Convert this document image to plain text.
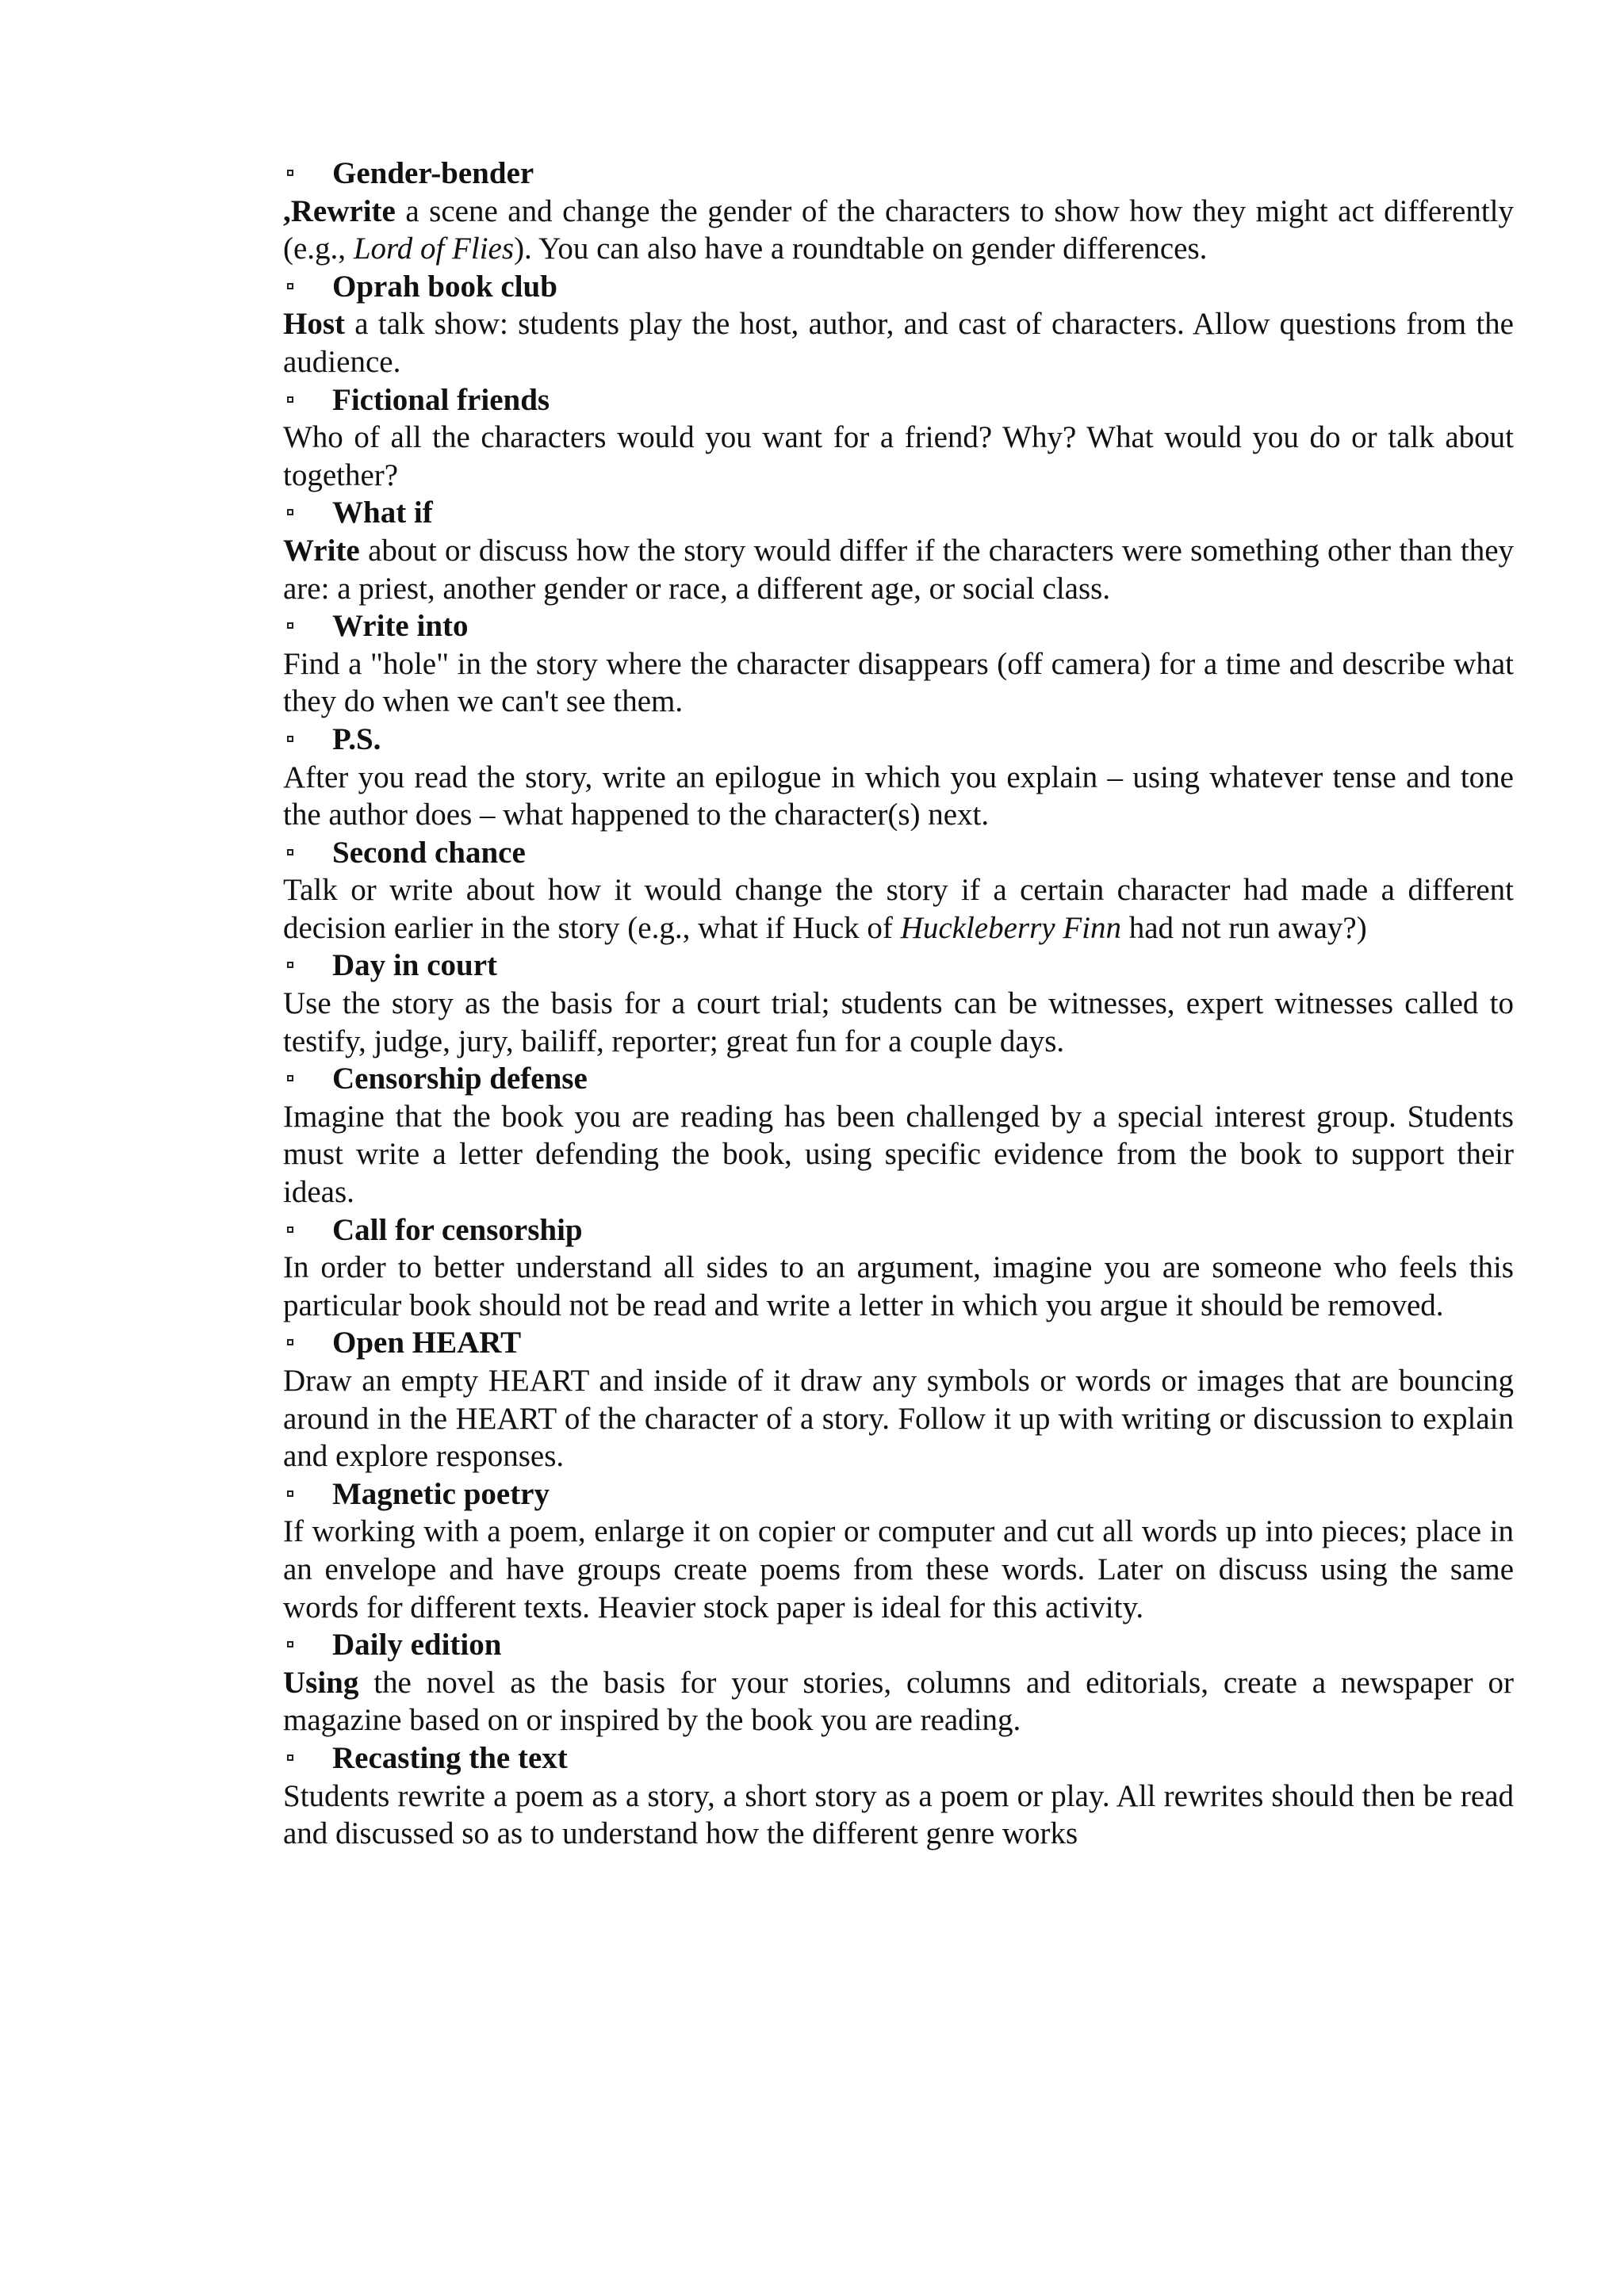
Gender-bender
,Rewrite a scene and change the gender of the characters to show how they might act differently (e.g., Lord of Flies). You can also have a roundtable on gender differences.
Oprah book club
Host a talk show: students play the host, author, and cast of characters. Allow questions from the audience.
Fictional friends
Who of all the characters would you want for a friend? Why? What would you do or talk about together?
What if
Write about or discuss how the story would differ if the characters were something other than they are: a priest, another gender or race, a different age, or social class.
Write into
Find a "hole" in the story where the character disappears (off camera) for a time and describe what they do when we can't see them.
P.S.
After you read the story, write an epilogue in which you explain – using whatever tense and tone the author does – what happened to the character(s) next.
Second chance
Talk or write about how it would change the story if a certain character had made a different decision earlier in the story (e.g., what if Huck of Huckleberry Finn had not run away?)
Day in court
Use the story as the basis for a court trial; students can be witnesses, expert witnesses called to testify, judge, jury, bailiff, reporter; great fun for a couple days.
Censorship defense
Imagine that the book you are reading has been challenged by a special interest group. Students must write a letter defending the book, using specific evidence from the book to support their ideas.
Call for censorship
In order to better understand all sides to an argument, imagine you are someone who feels this particular book should not be read and write a letter in which you argue it should be removed.
Open HEART
Draw an empty HEART and inside of it draw any symbols or words or images that are bouncing around in the HEART of the character of a story. Follow it up with writing or discussion to explain and explore responses.
Magnetic poetry
If working with a poem, enlarge it on copier or computer and cut all words up into pieces; place in an envelope and have groups create poems from these words. Later on discuss using the same words for different texts. Heavier stock paper is ideal for this activity.
Daily edition
Using the novel as the basis for your stories, columns and editorials, create a newspaper or magazine based on or inspired by the book you are reading.
Recasting the text
Students rewrite a poem as a story, a short story as a poem or play. All rewrites should then be read and discussed so as to understand how the different genre works
